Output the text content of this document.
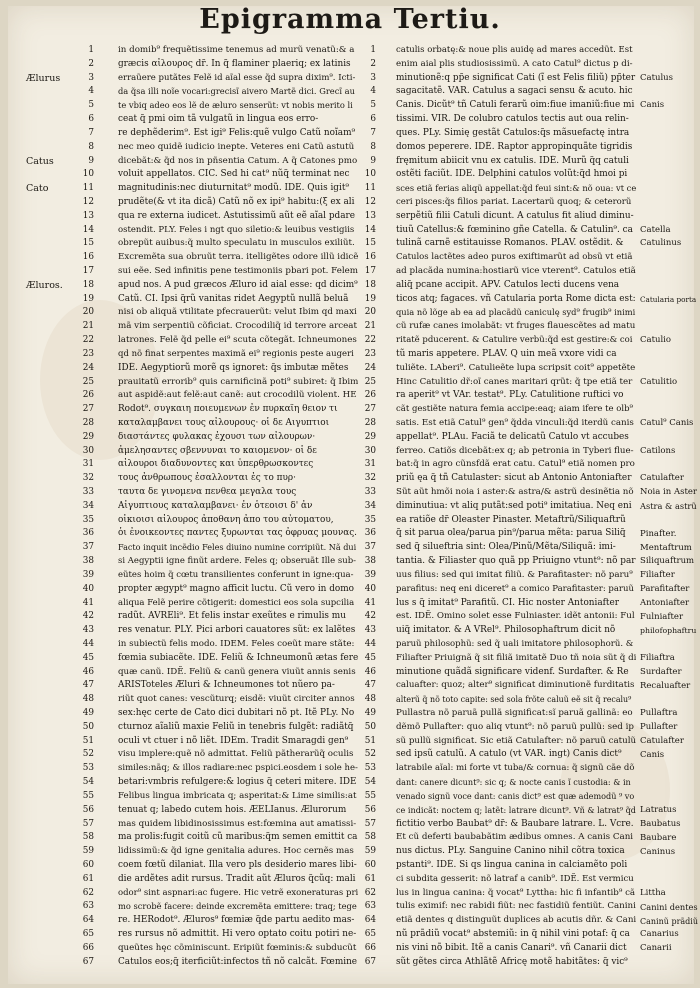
Epigramma Tertiu.
1
2
3
4
5
6
7
8
9
10
11
12
13
14
15
16
17
18
19
20
21
22
23
24
25
26
27
28
29
30
31
32
33
34
35
36
37
38
39
40
41
42
43
44
45
46
47
48
49
50
51
52
53
54
55
56
57
58
59
60
61
62
63
64
65
66
67
in domib⁹ frequẽtissime tenemus ad murũ venatũ:& a
græcis αἰλουρος dr̃. In q̃ flaminer plaeriq; ex latinis
erraũere putãtes Felẽ id aĩal esse q̃d supra dixim⁹. Icti-
da q̃sa illi noĩe vocari:grecisĩ aivero Martẽ dici. Grecĩ au
te vbiq adeo eos lẽ de æluro senserũt: vt nobis merito li
ceat q̃ pmi oim tã vulgatũ in lingua eos erro-
re dephẽderim⁹. Est igi⁹ Felis:quẽ vulgo Catũ noĩam⁹
nec meo quidẽ iudicio inepte. Veteres eni Catũ astutũ
dicebãt:& q̃d nos in pñsentia Catum. A q̃ Catones pmo
voluit appellatos. CIC. Sed hi cat⁹ nũq̃ terminat nec
magnitudinis:nec diuturnitat⁹ modũ. IDE. Quis igit⁹
prudẽte(& vt ita dicã) Catũ nõ ex ipi⁹ habitu:(ξ ex ali
qua re externa iudicet. Astutissimũ aũt eẽ aĩal pdare
ostendit. PLY. Feles i ngt quo siletio:& leuibus vestigiis
obrepũt auibus:q̃ multo speculatu in musculos exiliũt.
Excremẽta sua obruũt terra. itelligẽtes odore illũ idicẽ
sui eẽe. Sed infinitis pene testimoniis pbari pot. Felem
apud nos. A pud græcos Æluro id aial esse: qd dicim⁹
Catũ. CI. Ipsi q̃rũ vanitas ridet Aegyptũ nullã beluã
nisi ob aliquã vtilitate pfecrauerũt: velut Ibim qd maxi
mã vim serpentiũ cõficiat. Crocodiliq̃ id terrore arceat
latrones. Felẽ q̃d pelle ei⁹ scuta cõtegãt. Ichneumones
qd nõ finat serpentes maximã ei⁹ regionis peste augeri
IDẼ. Aegyptiorũ morẽ qs ignoret: q̃s imbutæ mẽtes
prauitatũ errorib⁹ quis carnificinã poti⁹ subiret: q̃ Ibim
aut aspidẽ:aut felẽ:aut canẽ: aut crocodilũ violent. HE
Rodot⁹. συγκαιη ποιευμενων ἐν πυρκαϊη θειον τι
καταλαμβανει τους αἰλουρους· οἱ δε Αιγυπτιοι
διαστάντες φυλακας ἐχουσι των αἰλουρων·
ἀμελησαντες σβεννυναι το καιομενον· οἱ δε
αἰλουροι διαδυνοντες και ὑπερθρωσκοντες
τους ἀνθρωπους ἐσαλλονται ἐς το πυρ·
ταυτα δε γινομενα πενθεα μεγαλα τους
Αἰγυπτιους καταλαμβανει· ἐν ὁτεοισι δ' ἀν
οἰκιοισι αἰλουρος ἀποθανη ἀπο του αὐτοματου,
ὁι ἐνοικεοντες παντες ξυρωνται τας ὀφρυας μουνας.
Facto inquit incẽdio Feles diuino numine corripiũt. Nã dui
si Aegyptii igne finũt ardere. Feles q; obseruãt Ille sub-
eũtes hoim q̃ cœtu transilientes conferunt in igne:qua-
propter ægypt⁹ magno afficit luctu. Cũ vero in domo
aliqua Felẽ perire cõtigerit: domestici eos sola supcilia
radũt. AVREli⁹. Et felis instar exeũtes e rimulis mu
res venatur. PLY. Pici arbori cauatores sũt: ex lalẽtes
in subiectũ felis modo. IDEM. Feles coeũt mare stãte:
fœmia subiacẽte. IDẼ. Feliũ & Ichneumonũ ætas fere
quæ canũ. IDẼ. Feliũ & canũ genera viuũt annis senis
ARISToteles Æluri & Ichneumones tot nũero pa-
riũt quot canes: vescũturq; eisdẽ: viuũt circiter annos
sex:hęc certe de Cato dici dubitari nõ pt. Itẽ PLy. No
cturnoz aĩaliũ maxie Feliũ in tenebris fulgẽt: radiãtq̃
oculi vt ctuer i nõ liẽt. IDEm. Tradit Smaragdi gen⁹
visu implere:quẽ nõ admittat. Feliũ pãtherarũq̃ oculis
similes:nãq; & illos radiare:nec pspici.eosdem i sole he-
betari:vmbris refulgere:& logius q̃ ceteri mitere. IDE
Felibus lingua imbricata q; asperitat:& Lime similis:at
tenuat q; labedo cutem hois. ÆELIanus. Ælurorum
mas quidem libidinosissimus est:fœmina aut amatissi-
ma prolis:fugit coitũ cũ maribus:q̃m semen emittit ca
lidissimũ:& q̃d igne genitalia adures. Hoc cernẽs mas
coem fœtũ dilaniat. Illa vero pls desiderio mares libi-
die ardẽtes adit rursus. Tradit aũt Æluros q̃cũq: mali
odor⁹ sint aspnari:ac fugere. Hic vetrẽ exoneraturas pri
mo scrobẽ facere: deinde excremẽta emittere: traq; tege
re. HERodot⁹. Æluros⁹ fœmiæ q̃de partu aedito mas-
res rursus nõ admittit. Hi vero optato coitu potiri ne-
queũtes hęc cõminiscunt. Eripiũt fœminis:& subducũt
Catulos eos;q̃ iterficiũt:infectos tñ nõ calcãt. Fœmine
1
2
3
4
5
6
7
8
9
10
11
12
13
14
15
16
17
18
19
20
21
22
23
24
25
26
27
28
29
30
31
32
33
34
35
36
37
38
39
40
41
42
43
44
45
46
47
48
49
50
51
52
53
54
55
56
57
58
59
60
61
62
63
64
65
66
67
catulis orbatę:& noue plis auidę ad mares accedũt. Est
enim aial plis studiosissimũ. A cato Catul⁹ dictus p di-
minutionẽ:q pp̃e significat Cati (ĩ est Felis filiũ) pp̃ter
sagacitatẽ. VAR. Catulus a sagaci sensu & acuto. hic
Canis. Dicũt⁹ tñ Catuli ferarũ oim:fiue imaniũ:fiue mi
tissimi. VIR. De colubro catulos tectis aut oua relin-
ques. PLy. Simię gestãt Catulos:q̃s mãsuefactę intra
domos peperere. IDẼ. Raptor appropinquãte tigridis
fręmitum abiicit vnu ex catulis. IDẼ. Murũ q̃q catuli
ostẽti faciũt. IDE. Delphini catulos volũt:q̃d hmoi pi
sces etiã ferias aliqũ appellat:q̃d feui sint:& nõ oua: vt ce
ceri pisces:q̃s filios pariat. Lacertarũ quoq; & ceterorũ
serpẽtiũ filii Catuli dicunt. A catulus fit aliud diminu-
tiuũ Catellus:& fœminino gñe Catella. & Catulin⁹. ca
tulinã carnẽ estitauisse Romanos. PLAV. ostẽdit. &
Catulos lactẽtes adeo puros exiftimarũt ad obsũ vt etiã
ad placãda numina:hostiarũ vice vterent⁹. Catulos etiã
aliq̃ pcane accipit. APV. Catulos lecti ducens vena
ticos atq; fagaces. vñ Catularia porta Rome dicta est:
quia nõ lõge ab ea ad placãdũ caniculę syd⁹ frugib⁹ inimi
cũ rufæ canes imolabãt: vt fruges flauescẽtes ad matu
ritatẽ pducerent. & Catulire verbũ:q̃d est gestire:& coi
tũ maris appetere. PLAV. Q uin meã vxore vidi ca
tuliẽte. LAberi⁹. Catulieẽte lupa scripsit coit⁹ appetẽte
Hinc Catulitio dr̃:oĩ canes maritari qrũt: q̃ tpe etiã ter
ra aperit⁹ vt VAr. testat⁹. PLy. Catulitione ruftici vo
cãt gestiẽte natura femia accipe:eaq; aiam ifere te olb⁹
satis. Est etiã Catul⁹ gen⁹ q̃dda vinculi:q̃d iterdũ canis
appellat⁹. PLAu. Faciã te delicatũ Catulo vt accubes
ferreo. Catiõs dicebãt:ex q; ab petronia in Tyberi flue-
bat:q̃ in agro cũnsfdã erat catu. Catul⁹ etiã nomen pro
priũ ęa q̃ tñ Catulaster: sicut ab Antonio Antoniafter
Sũt aũt hmõi noia i aster:& astra/& astrũ desinẽtia nõ
diminutiua: vt aliq putãt:sed poti⁹ imitatiua. Neq eni
ea ratiõe dr̃ Oleaster Pinaster. Metaftrũ/Siliquaftrũ
q̃ sit parua olea/parua pin⁹/parua mẽta: parua Siliq̃
sed q̃ silueftria sint: Olea/Pinũ/Mẽta/Siliquã: imi-
tantia. & Filiaster quo quã pp Priuigno vtunt⁹: nõ par
uus filius: sed qui imitat filiũ. & Parafitaster: nõ paru⁹
parafitus: neq eni diceret⁹ a comico Parafitaster: paruũ
lus s q̃ imitat⁹ Parafitũ. CI. Hic noster Antoniafter
est. IDẼ. Omino solet esse Fulniaster. idẽt antonii: Ful
uiq̃ imitator. & A VRel⁹. Philosophaftrum dicit nõ
paruũ philosophũ: sed q̃ uali imitatore philosophorũ. &
Filiafter Priuignã q̃ sit filiã imitatẽ Duo tñ noia sũt q̃ di
minutione quãdã significare videnf. Surdafter. & Re
caluafter: quoz; alter⁹ significat diminutionẽ furditatis
alterũ q̃ nõ toto capite: sed sola frõte caluũ eẽ sit q̃ recalu⁹
Pullastra nõ paruã pullã significat:sĩ paruã gallinã: eo
dẽmõ Pullafter: quo aliq vtunt⁹: nõ paruũ pullũ: sed ip
sũ pullũ significat. Sic etiã Catulafter: nõ paruũ catulũ
sed ipsũ catulũ. A catulo (vt VAR. ingt) Canis dict⁹
latrabile aĩal: mi forte vt tuba/& cornua: q̃ signũ cãe dõ
dant: canere dicunt⁹: sic q; & nocte canis ĩ custodia: & in
venado signũ voce dant: canis dict⁹ est quæ ademodũ ⁹ vo
ce indicãt: noctem q; latẽt: latrare dicunt⁹. Vñ & latrat⁹ q̃d
fictitio verbo Baubat⁹ dr̃: & Baubare latrare. L. Vcre.
Et cũ deferti baubabãtim ædibus omnes. A canis Cani
nus dictus. PLy. Sanguine Canino nihil cõtra toxica
pstanti⁹. IDẼ. Si qs lingua canina in calciamẽto poli
ci subdita gesserit: nõ latraf a canib⁹. IDẼ. Est vermicu
lus in lingua canina: q̃ vocat⁹ Lyttha: hic fi infantib⁹ cã
tulis eximif: nec rabidi fiũt: nec fastidiũ fentiũt. Canini
etiã dentes q distinguũt duplices ab acutis dñr. & Cani
nũ prãdiũ vocat⁹ abstemiũ: in q̃ nihil vini potaf: q̃ ca
nis vini nõ bibit. Itẽ a canis Canari⁹. vñ Canarii dict
sũt gẽtes circa Athlãtẽ Africę motẽ habitãtes: q̃ vic⁹
Ælurus
Catus
Cato
Æluros.
Catulus
Canis
Catella
Catulinus
Catularia porta
Catulio
Catulitio
Catul⁹ Canis
Catilons
Catulafter
Noia in Aster
Astra & astrũ
Pinafter.
Mentaftrum
Siliquaftrum
Filiafter
Parafitafter
Antoniafter
Fulniafter
philofophaftru
Filiaftra
Surdafter
Recaluafter
Pullaftra
Pullafter
Catulafter
Canis
Latratus
Baubatus
Baubare
Caninus
Littha
Canini dentes
Caninũ prãdiũ
Canarius
Canarii
